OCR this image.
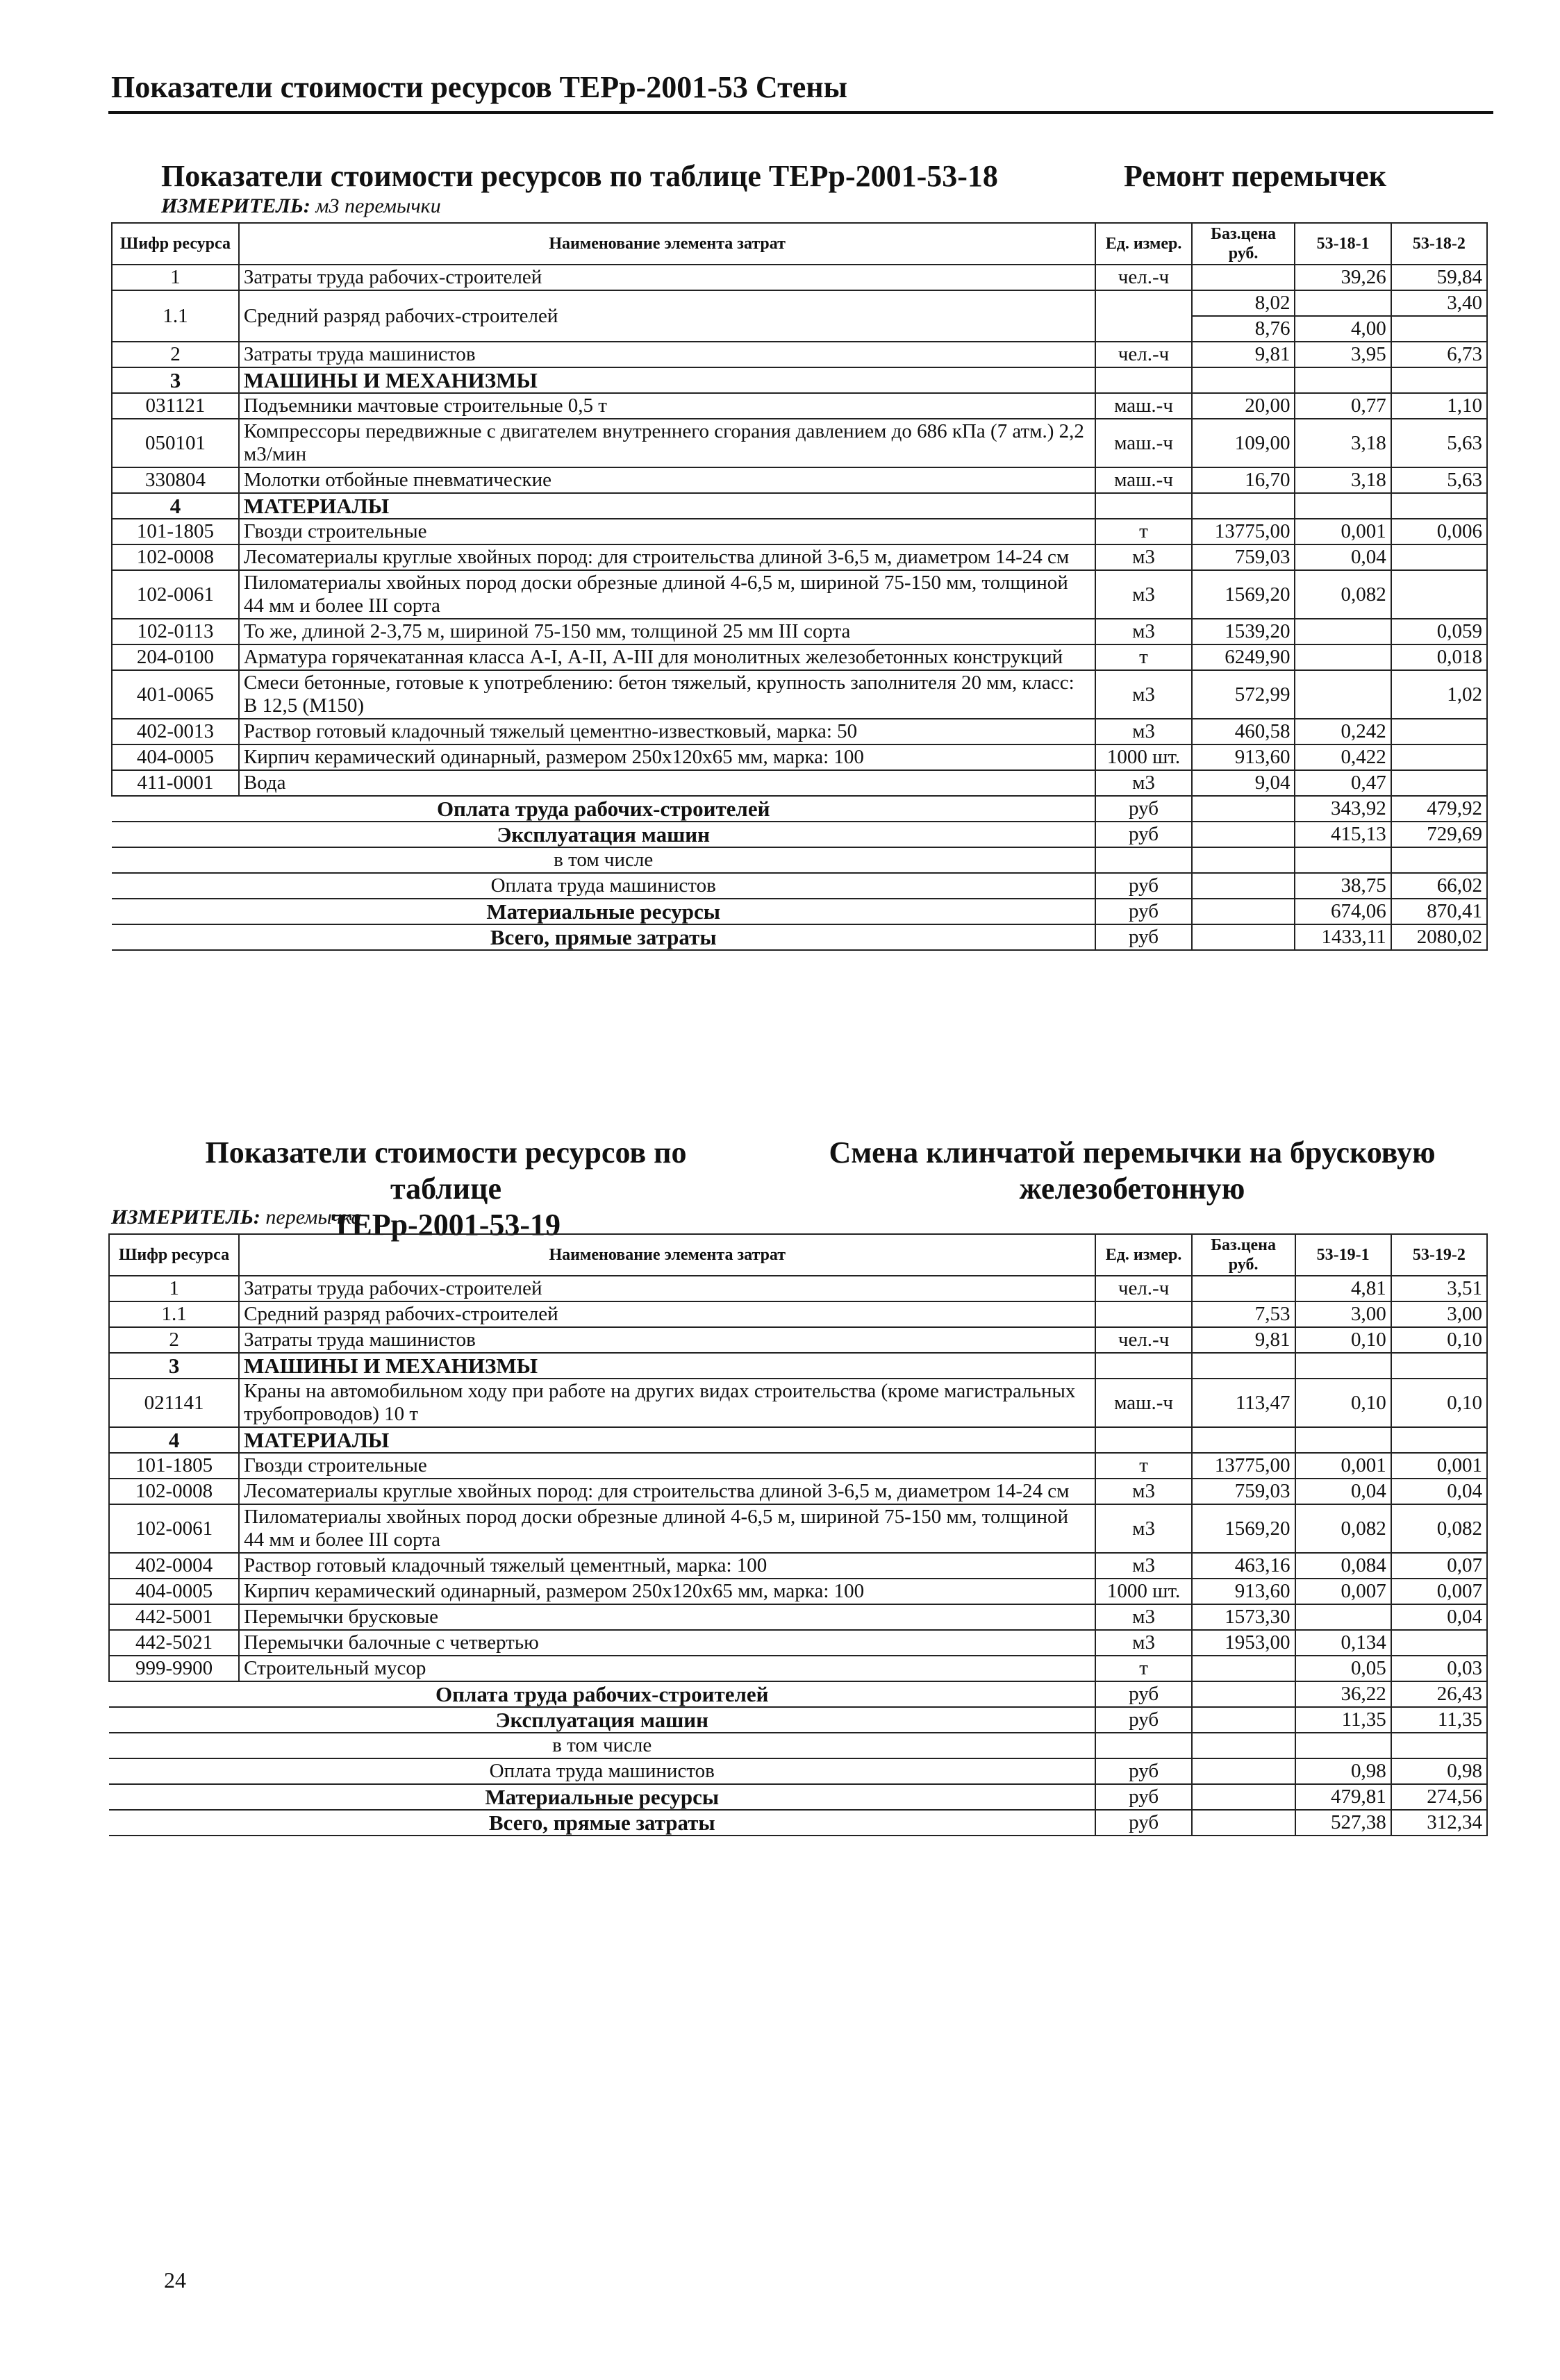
Показатели стоимости ресурсов ТЕРр-2001-53 Стены
Показатели стоимости ресурсов по таблице ТЕРр-2001-53-18	Ремонт перемычек
ИЗМЕРИТЕЛЬ: м3 перемычки
Шифр ресурса	Наименование элемента затрат	Ед. измер.	Баз.цена руб.	53-18-1	53-18-2
1	Затраты труда рабочих-строителей	чел.-ч		39,26	59,84
1.1	Средний разряд рабочих-строителей		8,02		3,40
			8,76	4,00	
2	Затраты труда машинистов	чел.-ч	9,81	3,95	6,73
3	МАШИНЫ И МЕХАНИЗМЫ				
031121	Подъемники мачтовые строительные 0,5 т	маш.-ч	20,00	0,77	1,10
050101	Компрессоры передвижные с двигателем внутреннего сгорания давлением до 686 кПа (7 атм.) 2,2 м3/мин	маш.-ч	109,00	3,18	5,63
330804	Молотки отбойные пневматические	маш.-ч	16,70	3,18	5,63
4	МАТЕРИАЛЫ				
101-1805	Гвозди строительные	т	13775,00	0,001	0,006
102-0008	Лесоматериалы круглые хвойных пород: для строительства длиной 3-6,5 м, диаметром 14-24 см	м3	759,03	0,04	
102-0061	Пиломатериалы хвойных пород доски обрезные длиной 4-6,5 м, шириной 75-150 мм, толщиной 44 мм и более III сорта	м3	1569,20	0,082	
102-0113	То же, длиной 2-3,75 м, шириной 75-150 мм, толщиной 25 мм III сорта	м3	1539,20		0,059
204-0100	Арматура горячекатанная класса А-I, А-II, А-III для монолитных железобетонных конструкций	т	6249,90		0,018
401-0065	Смеси бетонные, готовые к употреблению: бетон тяжелый, крупность заполнителя 20 мм, класс: В 12,5 (М150)	м3	572,99		1,02
402-0013	Раствор готовый кладочный тяжелый цементно-известковый, марка: 50	м3	460,58	0,242	
404-0005	Кирпич керамический одинарный, размером 250х120х65 мм, марка: 100	1000 шт.	913,60	0,422	
411-0001	Вода	м3	9,04	0,47	
Оплата труда рабочих-строителей		руб		343,92	479,92
Эксплуатация машин		руб		415,13	729,69
в том числе					
Оплата труда машинистов		руб		38,75	66,02
Материальные ресурсы		руб		674,06	870,41
Всего, прямые затраты		руб		1433,11	2080,02
Показатели стоимости ресурсов по таблице
ТЕРр-2001-53-19
Смена клинчатой перемычки на брусковую
железобетонную
ИЗМЕРИТЕЛЬ: перемычка
Шифр ресурса	Наименование элемента затрат	Ед. измер.	Баз.цена руб.	53-19-1	53-19-2
1	Затраты труда рабочих-строителей	чел.-ч		4,81	3,51
1.1	Средний разряд рабочих-строителей		7,53	3,00	3,00
2	Затраты труда машинистов	чел.-ч	9,81	0,10	0,10
3	МАШИНЫ И МЕХАНИЗМЫ				
021141	Краны на автомобильном ходу при работе на других видах строительства (кроме магистральных трубопроводов) 10 т	маш.-ч	113,47	0,10	0,10
4	МАТЕРИАЛЫ				
101-1805	Гвозди строительные	т	13775,00	0,001	0,001
102-0008	Лесоматериалы круглые хвойных пород: для строительства длиной 3-6,5 м, диаметром 14-24 см	м3	759,03	0,04	0,04
102-0061	Пиломатериалы хвойных пород доски обрезные длиной 4-6,5 м, шириной 75-150 мм, толщиной 44 мм и более III сорта	м3	1569,20	0,082	0,082
402-0004	Раствор готовый кладочный тяжелый цементный, марка: 100	м3	463,16	0,084	0,07
404-0005	Кирпич керамический одинарный, размером 250х120х65 мм, марка: 100	1000 шт.	913,60	0,007	0,007
442-5001	Перемычки брусковые	м3	1573,30		0,04
442-5021	Перемычки балочные с четвертью	м3	1953,00	0,134	
999-9900	Строительный мусор	т		0,05	0,03
Оплата труда рабочих-строителей		руб		36,22	26,43
Эксплуатация машин		руб		11,35	11,35
в том числе					
Оплата труда машинистов		руб		0,98	0,98
Материальные ресурсы		руб		479,81	274,56
Всего, прямые затраты		руб		527,38	312,34
24
